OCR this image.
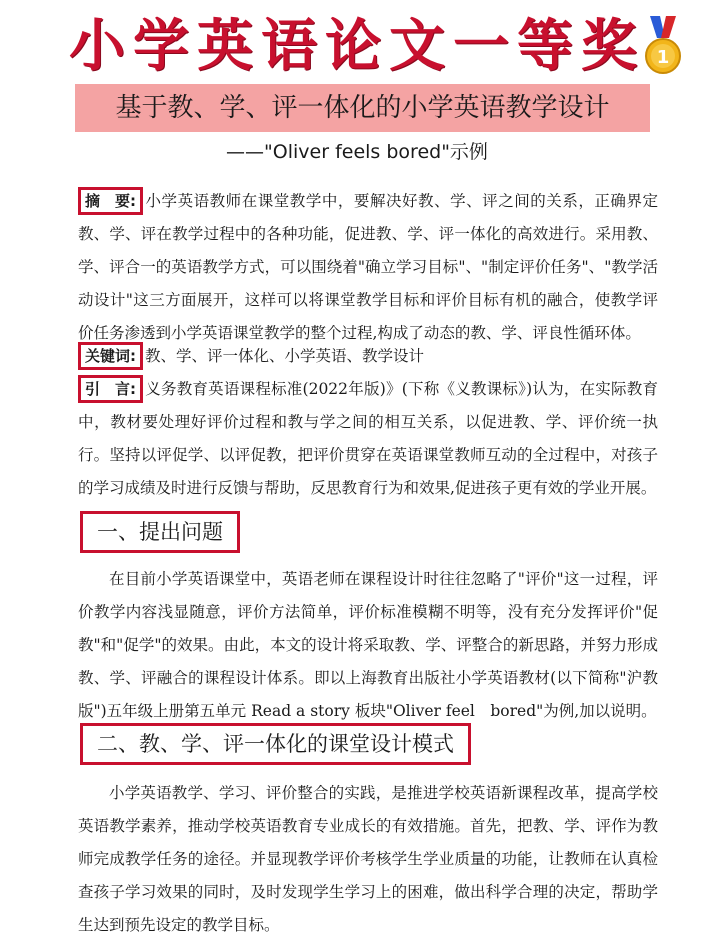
小学英语论文一等奖 1
基于教、学、评一体化的小学英语教学设计
——"Oliver feels bored"示例

摘　要: 小学英语教师在课堂教学中，要解决好教、学、评之间的关系，正确界定教、学、评在教学过程中的各种功能，促进教、学、评一体化的高效进行。采用教、学、评合一的英语教学方式，可以围绕着"确立学习目标"、"制定评价任务"、"教学活动设计"这三方面展开，这样可以将课堂教学目标和评价目标有机的融合，使教学评价任务渗透到小学英语课堂教学的整个过程,构成了动态的教、学、评良性循环体。

关键词: 教、学、评一体化、小学英语、教学设计

引　言: 义务教育英语课程标准(2022年版)》(下称《义教课标》)认为，在实际教育中，教材要处理好评价过程和教与学之间的相互关系，以促进教、学、评价统一执行。坚持以评促学、以评促教，把评价贯穿在英语课堂教师互动的全过程中，对孩子的学习成绩及时进行反馈与帮助，反思教育行为和效果,促进孩子更有效的学业开展。

一、提出问题

在目前小学英语课堂中，英语老师在课程设计时往往忽略了"评价"这一过程，评价教学内容浅显随意，评价方法简单，评价标准模糊不明等，没有充分发挥评价"促教"和"促学"的效果。由此，本文的设计将采取教、学、评整合的新思路，并努力形成教、学、评融合的课程设计体系。即以上海教育出版社小学英语教材(以下简称"沪教版")五年级上册第五单元 Read a story 板块"Oliver feel　bored"为例,加以说明。

二、教、学、评一体化的课堂设计模式

小学英语教学、学习、评价整合的实践，是推进学校英语新课程改革，提高学校英语教学素养，推动学校英语教育专业成长的有效措施。首先，把教、学、评作为教师完成教学任务的途径。并显现教学评价考核学生学业质量的功能，让教师在认真检查孩子学习效果的同时，及时发现学生学习上的困难，做出科学合理的决定，帮助学生达到预先设定的教学目标。
